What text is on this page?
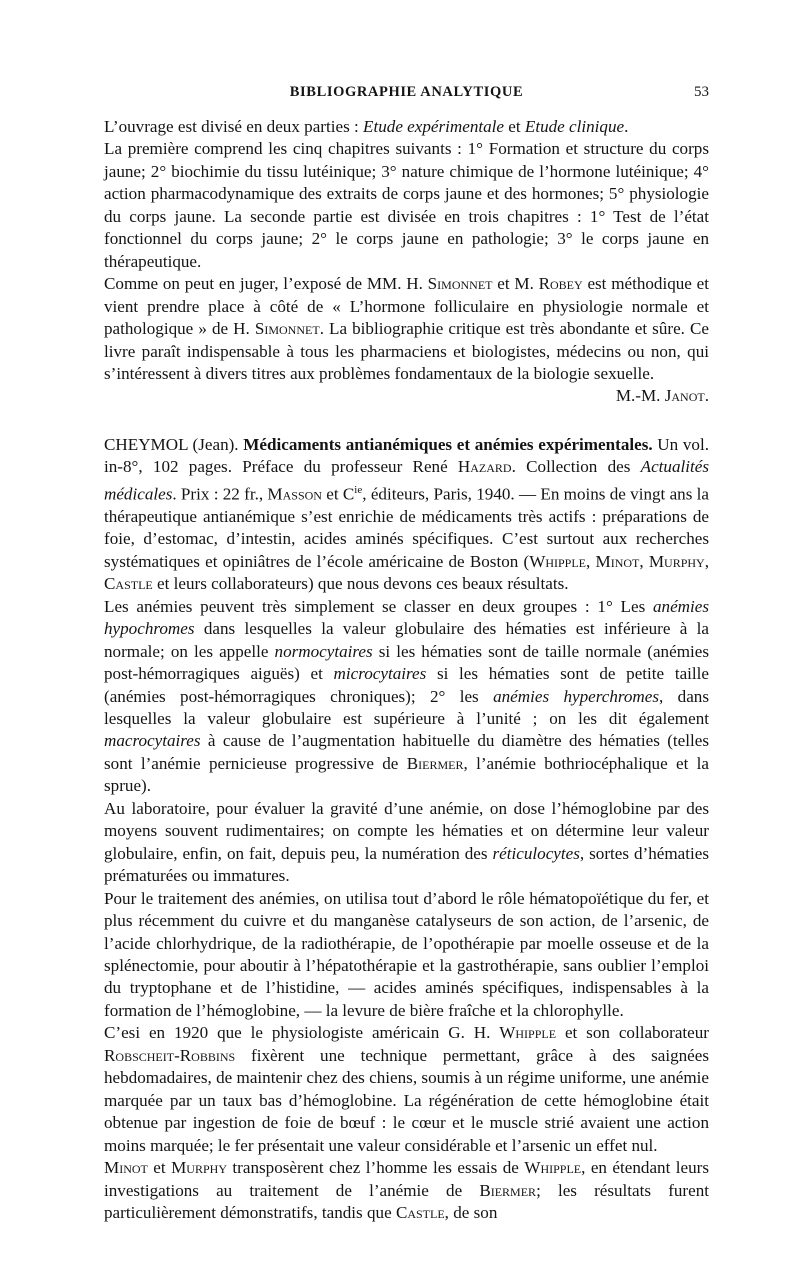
BIBLIOGRAPHIE ANALYTIQUE	53

L’ouvrage est divisé en deux parties : Etude expérimentale et Etude clinique.

La première comprend les cinq chapitres suivants : 1° Formation et structure du corps jaune; 2° biochimie du tissu lutéinique; 3° nature chimique de l’hormone lutéinique; 4° action pharmacodynamique des extraits de corps jaune et des hormones; 5° physiologie du corps jaune. La seconde partie est divisée en trois chapitres : 1° Test de l’état fonctionnel du corps jaune; 2° le corps jaune en pathologie; 3° le corps jaune en thérapeutique.

Comme on peut en juger, l’exposé de MM. H. Simonnet et M. Robey est méthodique et vient prendre place à côté de « L’hormone folliculaire en physiologie normale et pathologique » de H. Simonnet. La bibliographie critique est très abondante et sûre. Ce livre paraît indispensable à tous les pharmaciens et biologistes, médecins ou non, qui s’intéressent à divers titres aux problèmes fondamentaux de la biologie sexuelle.

M.-M. Janot.

CHEYMOL (Jean). Médicaments antianémiques et anémies expérimentales. Un vol. in-8°, 102 pages. Préface du professeur René Hazard. Collection des Actualités médicales. Prix : 22 fr., Masson et $C^{ie}$, éditeurs, Paris, 1940. — En moins de vingt ans la thérapeutique antianémique s’est enrichie de médicaments très actifs : préparations de foie, d’estomac, d’intestin, acides aminés spécifiques. C’est surtout aux recherches systématiques et opiniâtres de l’école américaine de Boston (Whipple, Minot, Murphy, Castle et leurs collaborateurs) que nous devons ces beaux résultats.

Les anémies peuvent très simplement se classer en deux groupes : 1° Les anémies hypochromes dans lesquelles la valeur globulaire des hématies est inférieure à la normale; on les appelle normocytaires si les hématies sont de taille normale (anémies post-hémorragiques aiguës) et microcytaires si les hématies sont de petite taille (anémies post-hémorragiques chroniques); 2° les anémies hyperchromes, dans lesquelles la valeur globulaire est supérieure à l’unité ; on les dit également macrocytaires à cause de l’augmentation habituelle du diamètre des hématies (telles sont l’anémie pernicieuse progressive de Biermer, l’anémie bothriocéphalique et la sprue).

Au laboratoire, pour évaluer la gravité d’une anémie, on dose l’hémoglobine par des moyens souvent rudimentaires; on compte les hématies et on détermine leur valeur globulaire, enfin, on fait, depuis peu, la numération des réticulocytes, sortes d’hématies prématurées ou immatures.

Pour le traitement des anémies, on utilisa tout d’abord le rôle hématopoïétique du fer, et plus récemment du cuivre et du manganèse catalyseurs de son action, de l’arsenic, de l’acide chlorhydrique, de la radiothérapie, de l’opothérapie par moelle osseuse et de la splénectomie, pour aboutir à l’hépatothérapie et la gastrothérapie, sans oublier l’emploi du tryptophane et de l’histidine, — acides aminés spécifiques, indispensables à la formation de l’hémoglobine, — la levure de bière fraîche et la chlorophylle.

C’esi en 1920 que le physiologiste américain G. H. Whipple et son collaborateur Robscheit-Robbins fixèrent une technique permettant, grâce à des saignées hebdomadaires, de maintenir chez des chiens, soumis à un régime uniforme, une anémie marquée par un taux bas d’hémoglobine. La régénération de cette hémoglobine était obtenue par ingestion de foie de bœuf : le cœur et le muscle strié avaient une action moins marquée; le fer présentait une valeur considérable et l’arsenic un effet nul.

Minot et Murphy transposèrent chez l’homme les essais de Whipple, en étendant leurs investigations au traitement de l’anémie de Biermer; les résultats furent particulièrement démonstratifs, tandis que Castle, de son
